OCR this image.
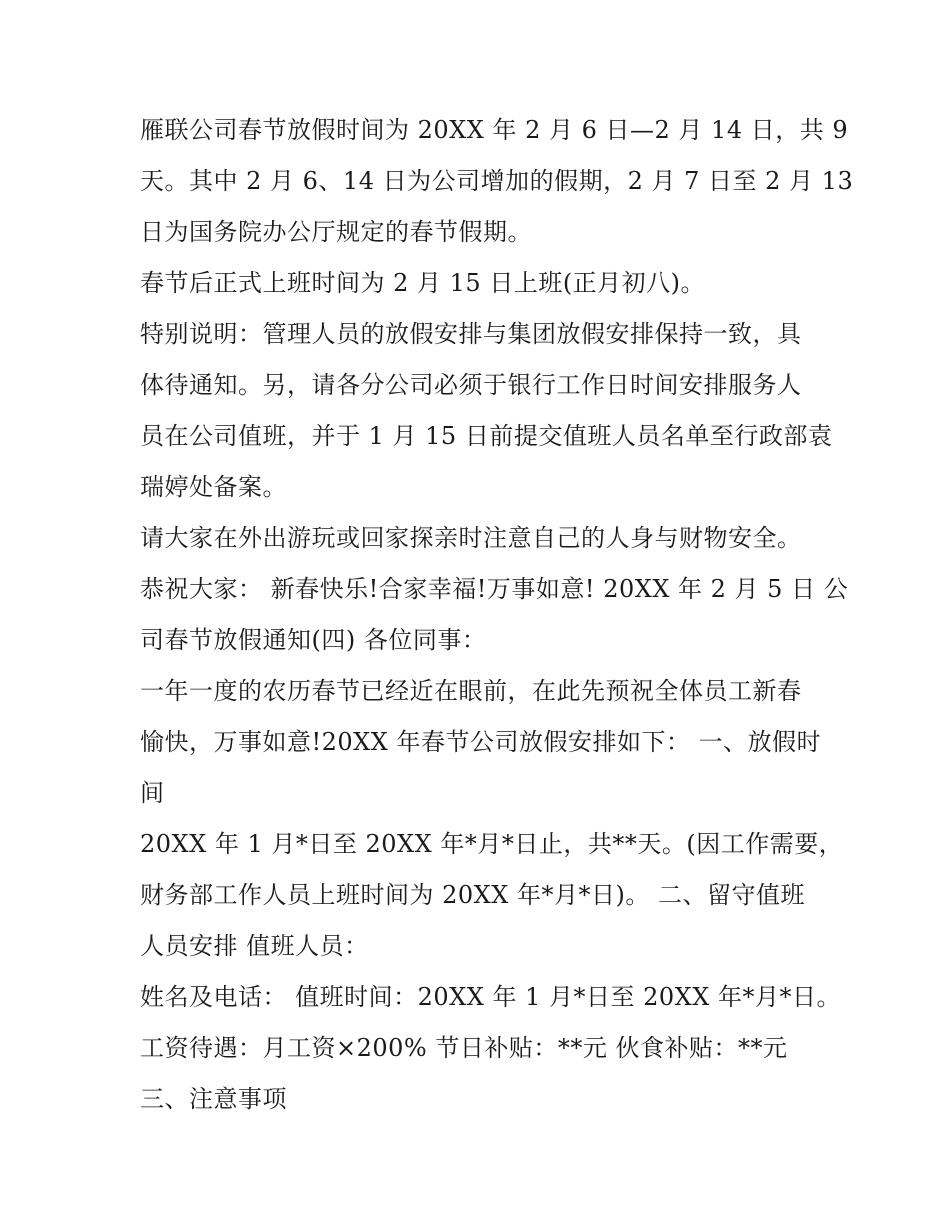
雁联公司春节放假时间为 20XX 年 2 月 6 日—2 月 14 日，共 9
天。其中 2 月 6、14 日为公司增加的假期，2 月 7 日至 2 月 13
日为国务院办公厅规定的春节假期。
春节后正式上班时间为 2 月 15 日上班(正月初八)。
特别说明：管理人员的放假安排与集团放假安排保持一致，具
体待通知。另，请各分公司必须于银行工作日时间安排服务人
员在公司值班，并于 1 月 15 日前提交值班人员名单至行政部袁
瑞婷处备案。
请大家在外出游玩或回家探亲时注意自己的人身与财物安全。
恭祝大家： 新春快乐!合家幸福!万事如意! 20XX 年 2 月 5 日 公
司春节放假通知(四) 各位同事：
一年一度的农历春节已经近在眼前，在此先预祝全体员工新春
愉快，万事如意!20XX 年春节公司放假安排如下： 一、放假时
间
20XX 年 1 月*日至 20XX 年*月*日止，共**天。(因工作需要，
财务部工作人员上班时间为 20XX 年*月*日)。 二、留守值班
人员安排 值班人员：
姓名及电话： 值班时间：20XX 年 1 月*日至 20XX 年*月*日。
工资待遇：月工资×200% 节日补贴：**元 伙食补贴：**元
三、注意事项
